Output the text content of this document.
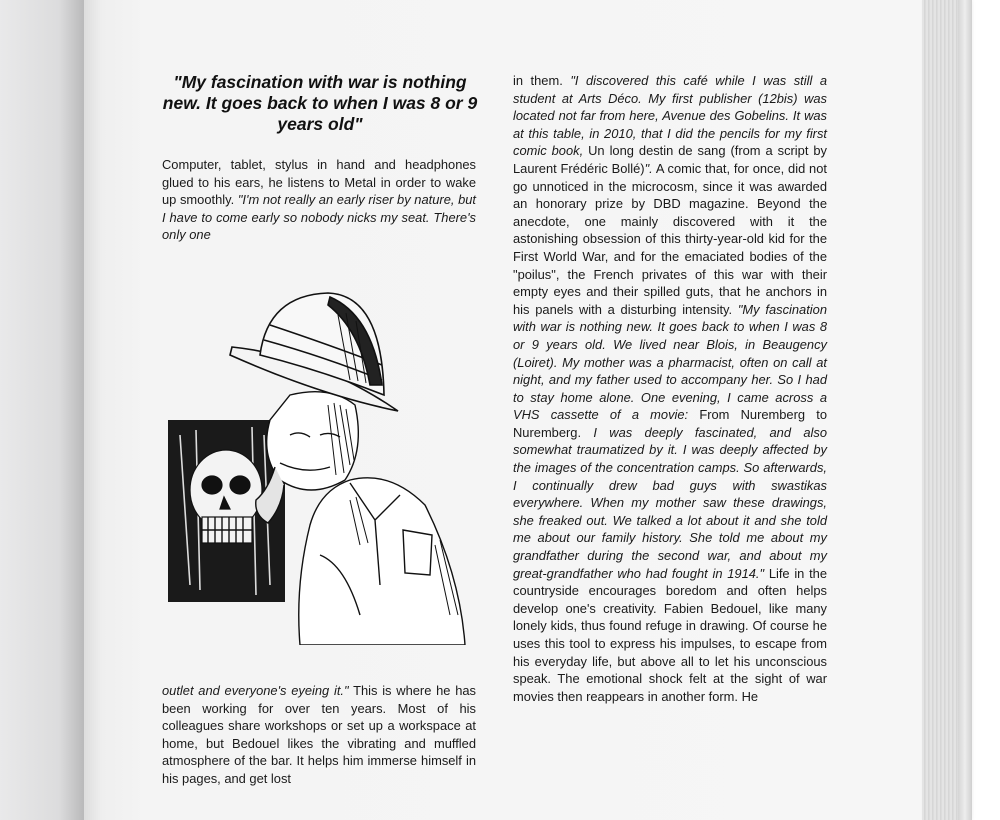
"My fascination with war is nothing new. It goes back to when I was 8 or 9 years old"

Computer, tablet, stylus in hand and headphones glued to his ears, he listens to Metal in order to wake up smoothly. "I'm not really an early riser by nature, but I have to come early so nobody nicks my seat. There's only one

outlet and everyone's eyeing it." This is where he has been working for over ten years. Most of his colleagues share workshops or set up a workspace at home, but Bedouel likes the vibrating and muffled atmosphere of the bar. It helps him immerse himself in his pages, and get lost

in them. "I discovered this café while I was still a student at Arts Déco. My first publisher (12bis) was located not far from here, Avenue des Gobelins. It was at this table, in 2010, that I did the pencils for my first comic book, Un long destin de sang (from a script by Laurent Frédéric Bollé)". A comic that, for once, did not go unnoticed in the microcosm, since it was awarded an honorary prize by DBD magazine. Beyond the anecdote, one mainly discovered with it the astonishing obsession of this thirty-year-old kid for the First World War, and for the emaciated bodies of the "poilus", the French privates of this war with their empty eyes and their spilled guts, that he anchors in his panels with a disturbing intensity. "My fascination with war is nothing new. It goes back to when I was 8 or 9 years old. We lived near Blois, in Beaugency (Loiret). My mother was a pharmacist, often on call at night, and my father used to accompany her. So I had to stay home alone. One evening, I came across a VHS cassette of a movie: From Nuremberg to Nuremberg. I was deeply fascinated, and also somewhat traumatized by it. I was deeply affected by the images of the concentration camps. So afterwards, I continually drew bad guys with swastikas everywhere. When my mother saw these drawings, she freaked out. We talked a lot about it and she told me about our family history. She told me about my grandfather during the second war, and about my great-grandfather who had fought in 1914." Life in the countryside encourages boredom and often helps develop one's creativity. Fabien Bedouel, like many lonely kids, thus found refuge in drawing. Of course he uses this tool to express his impulses, to escape from his everyday life, but above all to let his unconscious speak. The emotional shock felt at the sight of war movies then reappears in another form. He
